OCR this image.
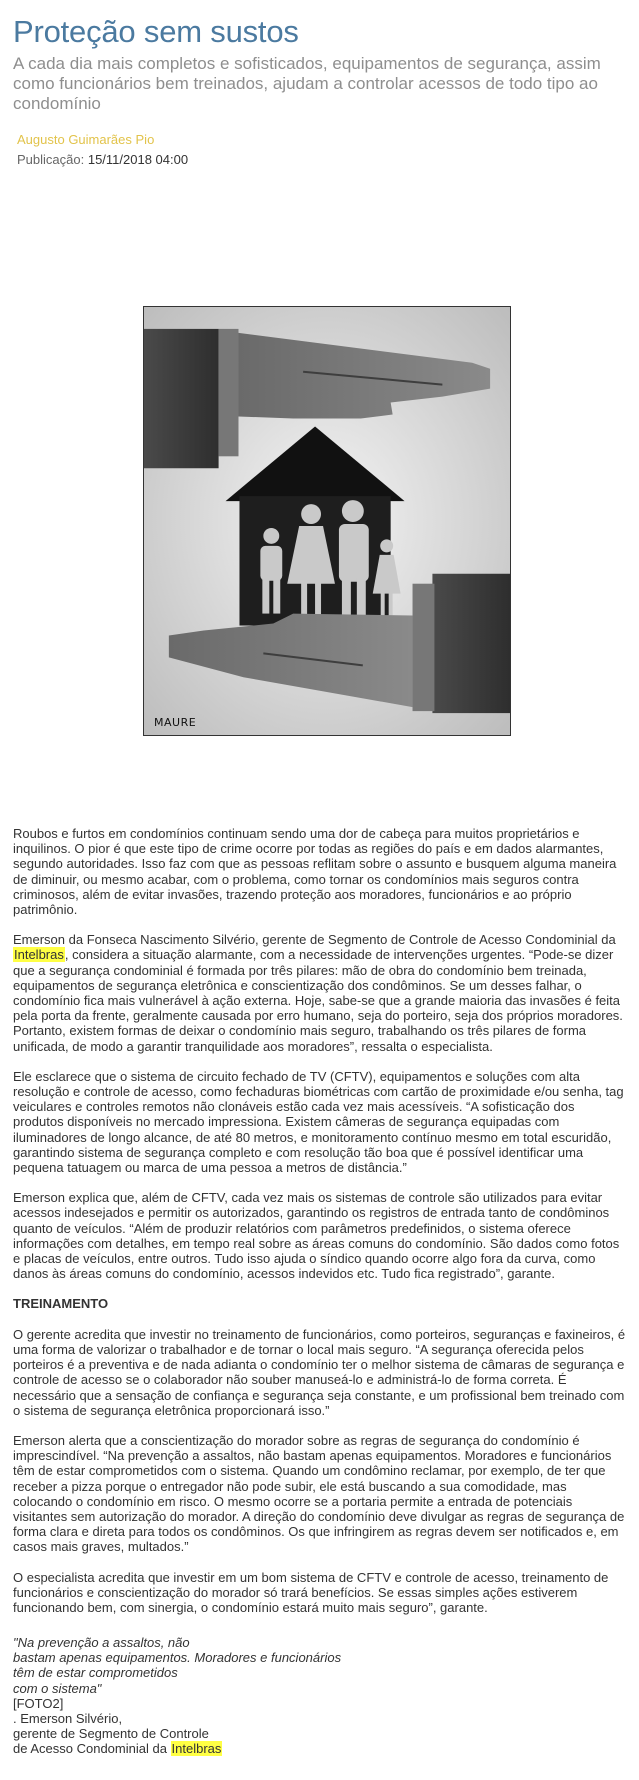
Proteção sem sustos
A cada dia mais completos e sofisticados, equipamentos de segurança, assim como funcionários bem treinados, ajudam a controlar acessos de todo tipo ao condomínio
Augusto Guimarães Pio
Publicação: 15/11/2018 04:00
MAURE

Roubos e furtos em condomínios continuam sendo uma dor de cabeça para muitos proprietários e inquilinos. O pior é que este tipo de crime ocorre por todas as regiões do país e em dados alarmantes, segundo autoridades. Isso faz com que as pessoas reflitam sobre o assunto e busquem alguma maneira de diminuir, ou mesmo acabar, com o problema, como tornar os condomínios mais seguros contra criminosos, além de evitar invasões, trazendo proteção aos moradores, funcionários e ao próprio patrimônio.

Emerson da Fonseca Nascimento Silvério, gerente de Segmento de Controle de Acesso Condominial da Intelbras, considera a situação alarmante, com a necessidade de intervenções urgentes. “Pode-se dizer que a segurança condominial é formada por três pilares: mão de obra do condomínio bem treinada, equipamentos de segurança eletrônica e conscientização dos condôminos. Se um desses falhar, o condomínio fica mais vulnerável à ação externa. Hoje, sabe-se que a grande maioria das invasões é feita pela porta da frente, geralmente causada por erro humano, seja do porteiro, seja dos próprios moradores. Portanto, existem formas de deixar o condomínio mais seguro, trabalhando os três pilares de forma unificada, de modo a garantir tranquilidade aos moradores”, ressalta o especialista.

Ele esclarece que o sistema de circuito fechado de TV (CFTV), equipamentos e soluções com alta resolução e controle de acesso, como fechaduras biométricas com cartão de proximidade e/ou senha, tag veiculares e controles remotos não clonáveis estão cada vez mais acessíveis. “A sofisticação dos produtos disponíveis no mercado impressiona. Existem câmeras de segurança equipadas com iluminadores de longo alcance, de até 80 metros, e monitoramento contínuo mesmo em total escuridão, garantindo sistema de segurança completo e com resolução tão boa que é possível identificar uma pequena tatuagem ou marca de uma pessoa a metros de distância.”

Emerson explica que, além de CFTV, cada vez mais os sistemas de controle são utilizados para evitar acessos indesejados e permitir os autorizados, garantindo os registros de entrada tanto de condôminos quanto de veículos. “Além de produzir relatórios com parâmetros predefinidos, o sistema oferece informações com detalhes, em tempo real sobre as áreas comuns do condomínio. São dados como fotos e placas de veículos, entre outros. Tudo isso ajuda o síndico quando ocorre algo fora da curva, como danos às áreas comuns do condomínio, acessos indevidos etc. Tudo fica registrado”, garante.

TREINAMENTO

O gerente acredita que investir no treinamento de funcionários, como porteiros, seguranças e faxineiros, é uma forma de valorizar o trabalhador e de tornar o local mais seguro. “A segurança oferecida pelos porteiros é a preventiva e de nada adianta o condomínio ter o melhor sistema de câmaras de segurança e controle de acesso se o colaborador não souber manuseá-lo e administrá-lo de forma correta. É necessário que a sensação de confiança e segurança seja constante, e um profissional bem treinado com o sistema de segurança eletrônica proporcionará isso.”

Emerson alerta que a conscientização do morador sobre as regras de segurança do condomínio é imprescindível. “Na prevenção a assaltos, não bastam apenas equipamentos. Moradores e funcionários têm de estar comprometidos com o sistema. Quando um condômino reclamar, por exemplo, de ter que receber a pizza porque o entregador não pode subir, ele está buscando a sua comodidade, mas colocando o condomínio em risco. O mesmo ocorre se a portaria permite a entrada de potenciais visitantes sem autorização do morador. A direção do condomínio deve divulgar as regras de segurança de forma clara e direta para todos os condôminos. Os que infringirem as regras devem ser notificados e, em casos mais graves, multados.”

O especialista acredita que investir em um bom sistema de CFTV e controle de acesso, treinamento de funcionários e conscientização do morador só trará benefícios. Se essas simples ações estiverem funcionando bem, com sinergia, o condomínio estará muito mais seguro”, garante.

"Na prevenção a assaltos, não
bastam apenas equipamentos. Moradores e funcionários
têm de estar comprometidos
com o sistema"
[FOTO2]
. Emerson Silvério,
gerente de Segmento de Controle
de Acesso Condominial da Intelbras
